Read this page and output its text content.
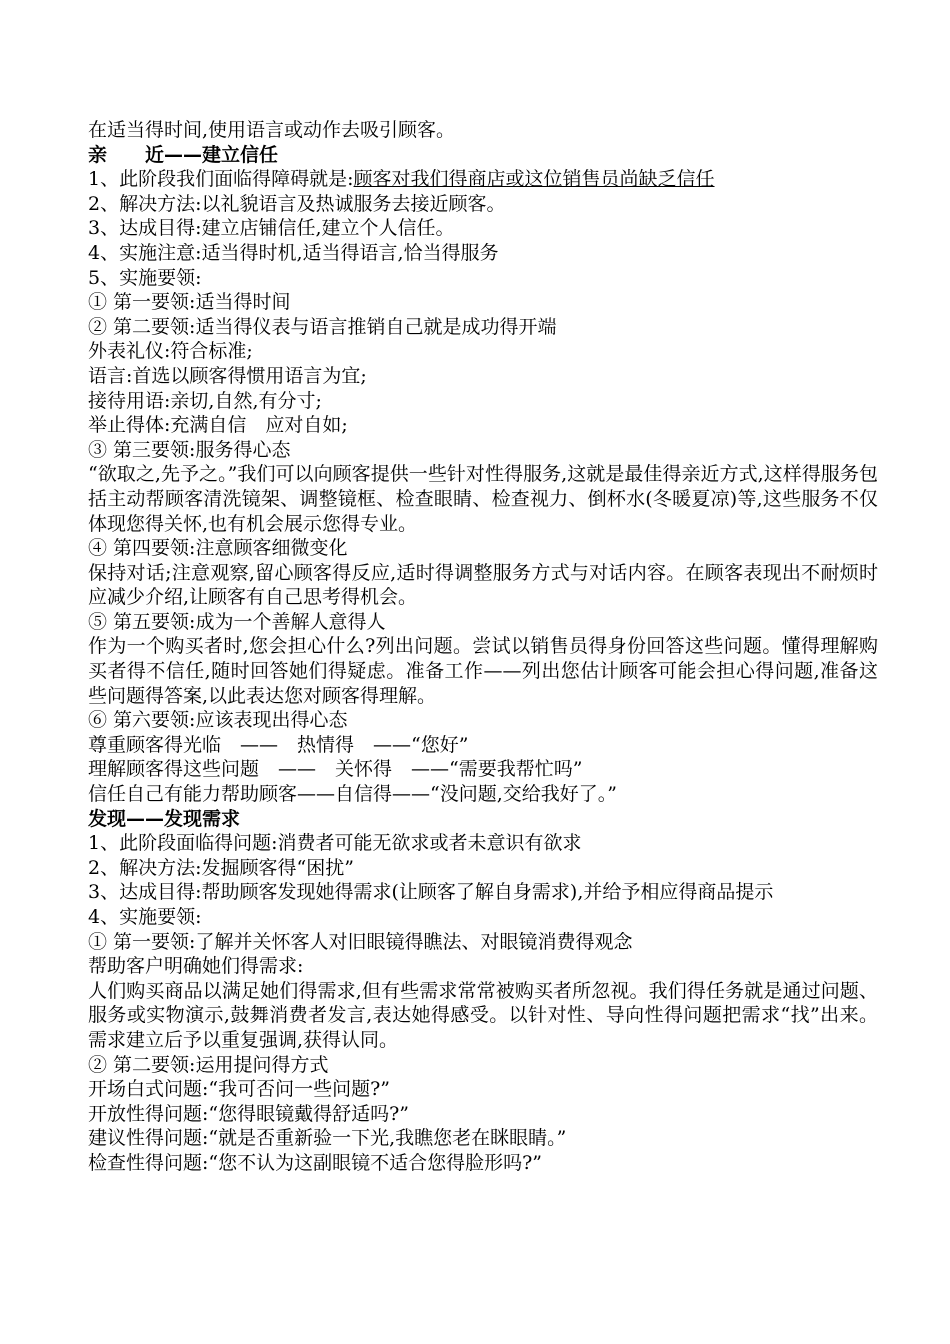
在适当得时间,使用语言或动作去吸引顾客。
亲　　近——建立信任
1、此阶段我们面临得障碍就是:顾客对我们得商店或这位销售员尚缺乏信任
2、解决方法:以礼貌语言及热诚服务去接近顾客。
3、达成目得:建立店铺信任,建立个人信任。
4、实施注意:适当得时机,适当得语言,恰当得服务
5、实施要领:
① 第一要领:适当得时间
② 第二要领:适当得仪表与语言推销自己就是成功得开端
外表礼仪:符合标准;
语言:首选以顾客得惯用语言为宜;
接待用语:亲切,自然,有分寸;
举止得体:充满自信　应对自如;
③ 第三要领:服务得心态
“欲取之,先予之。”我们可以向顾客提供一些针对性得服务,这就是最佳得亲近方式,这样得服务包括主动帮顾客清洗镜架、调整镜框、检查眼睛、检查视力、倒杯水(冬暖夏凉)等,这些服务不仅体现您得关怀,也有机会展示您得专业。
④ 第四要领:注意顾客细微变化
保持对话;注意观察,留心顾客得反应,适时得调整服务方式与对话内容。在顾客表现出不耐烦时应减少介绍,让顾客有自己思考得机会。
⑤ 第五要领:成为一个善解人意得人
作为一个购买者时,您会担心什么?列出问题。尝试以销售员得身份回答这些问题。懂得理解购买者得不信任,随时回答她们得疑虑。准备工作——列出您估计顾客可能会担心得问题,准备这些问题得答案,以此表达您对顾客得理解。
⑥ 第六要领:应该表现出得心态
尊重顾客得光临　——　热情得　——“您好”
理解顾客得这些问题　——　关怀得　——“需要我帮忙吗”
信任自己有能力帮助顾客——自信得——“没问题,交给我好了。”
发现——发现需求
1、此阶段面临得问题:消费者可能无欲求或者未意识有欲求
2、解决方法:发掘顾客得“困扰”
3、达成目得:帮助顾客发现她得需求(让顾客了解自身需求),并给予相应得商品提示
4、实施要领:
① 第一要领:了解并关怀客人对旧眼镜得瞧法、对眼镜消费得观念
帮助客户明确她们得需求:
人们购买商品以满足她们得需求,但有些需求常常被购买者所忽视。我们得任务就是通过问题、服务或实物演示,鼓舞消费者发言,表达她得感受。以针对性、导向性得问题把需求“找”出来。需求建立后予以重复强调,获得认同。
② 第二要领:运用提问得方式
开场白式问题:“我可否问一些问题?”
开放性得问题:“您得眼镜戴得舒适吗?”
建议性得问题:“就是否重新验一下光,我瞧您老在眯眼睛。”
检查性得问题:“您不认为这副眼镜不适合您得脸形吗?”
